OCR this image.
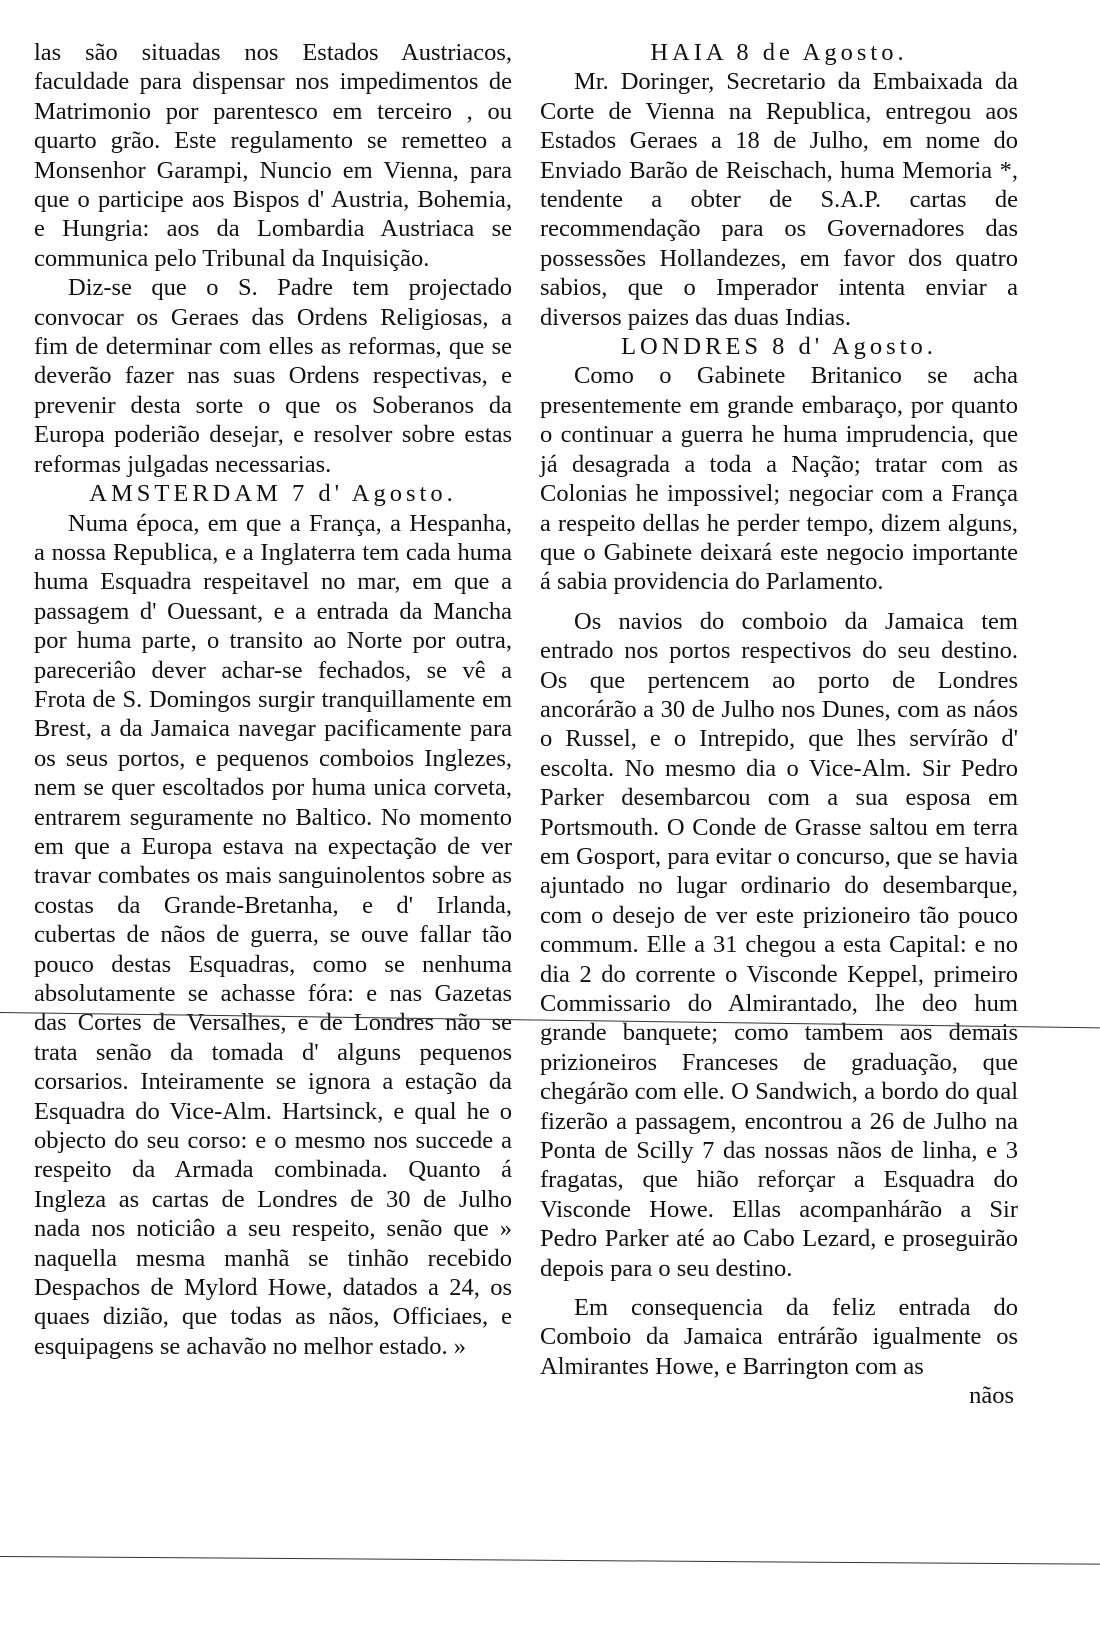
las são situadas nos Estados Austriacos, faculdade para dispensar nos impedimentos de Matrimonio por parentesco em terceiro , ou quarto grão. Este regulamento se remetteo a Monsenhor Garampi, Nuncio em Vienna, para que o participe aos Bispos d' Austria, Bohemia, e Hungria: aos da Lombardia Austriaca se communica pelo Tribunal da Inquisição.

Diz-se que o S. Padre tem projectado convocar os Geraes das Ordens Religiosas, a fim de determinar com elles as reformas, que se deverão fazer nas suas Ordens respectivas, e prevenir desta sorte o que os Soberanos da Europa poderião desejar, e resolver sobre estas reformas julgadas necessarias.

AMSTERDAM 7 d' Agosto.

Numa época, em que a França, a Hespanha, a nossa Republica, e a Inglaterra tem cada huma huma Esquadra respeitavel no mar, em que a passagem d' Ouessant, e a entrada da Mancha por huma parte, o transito ao Norte por outra, pareceriâo dever achar-se fechados, se vê a Frota de S. Domingos surgir tranquillamente em Brest, a da Jamaica navegar pacificamente para os seus portos, e pequenos comboios Inglezes, nem se quer escoltados por huma unica corveta, entrarem seguramente no Baltico. No momento em que a Europa estava na expectação de ver travar combates os mais sanguinolentos sobre as costas da Grande-Bretanha, e d' Irlanda, cubertas de nãos de guerra, se ouve fallar tão pouco destas Esquadras, como se nenhuma absolutamente se achasse fóra: e nas Gazetas das Cortes de Versalhes, e de Londres não se trata senão da tomada d' alguns pequenos corsarios. Inteiramente se ignora a estação da Esquadra do Vice-Alm. Hartsinck, e qual he o objecto do seu corso: e o mesmo nos succede a respeito da Armada combinada. Quanto á Ingleza as cartas de Londres de 30 de Julho nada nos noticiâo a seu respeito, senão que » naquella mesma manhã se tinhão recebido Despachos de Mylord Howe, datados a 24, os quaes dizião, que todas as nãos, Officiaes, e esquipagens se achavão no melhor estado. »

HAIA 8 de Agosto.

Mr. Doringer, Secretario da Embaixada da Corte de Vienna na Republica, entregou aos Estados Geraes a 18 de Julho, em nome do Enviado Barão de Reischach, huma Memoria *, tendente a obter de S.A.P. cartas de recommendação para os Governadores das possessões Hollandezes, em favor dos quatro sabios, que o Imperador intenta enviar a diversos paizes das duas Indias.

LONDRES 8 d' Agosto.

Como o Gabinete Britanico se acha presentemente em grande embaraço, por quanto o continuar a guerra he huma imprudencia, que já desagrada a toda a Nação; tratar com as Colonias he impossivel; negociar com a França a respeito dellas he perder tempo, dizem alguns, que o Gabinete deixará este negocio importante á sabia providencia do Parlamento.

Os navios do comboio da Jamaica tem entrado nos portos respectivos do seu destino. Os que pertencem ao porto de Londres ancorárão a 30 de Julho nos Dunes, com as náos o Russel, e o Intrepido, que lhes servírão d' escolta. No mesmo dia o Vice-Alm. Sir Pedro Parker desembarcou com a sua esposa em Portsmouth. O Conde de Grasse saltou em terra em Gosport, para evitar o concurso, que se havia ajuntado no lugar ordinario do desembarque, com o desejo de ver este prizioneiro tão pouco commum. Elle a 31 chegou a esta Capital: e no dia 2 do corrente o Visconde Keppel, primeiro Commissario do Almirantado, lhe deo hum grande banquete; como tambem aos demais prizioneiros Franceses de graduação, que chegárão com elle. O Sandwich, a bordo do qual fizerão a passagem, encontrou a 26 de Julho na Ponta de Scilly 7 das nossas nãos de linha, e 3 fragatas, que hião reforçar a Esquadra do Visconde Howe. Ellas acompanhárão a Sir Pedro Parker até ao Cabo Lezard, e proseguirão depois para o seu destino.

Em consequencia da feliz entrada do Comboio da Jamaica entrárão igualmente os Almirantes Howe, e Barrington com as

nãos
